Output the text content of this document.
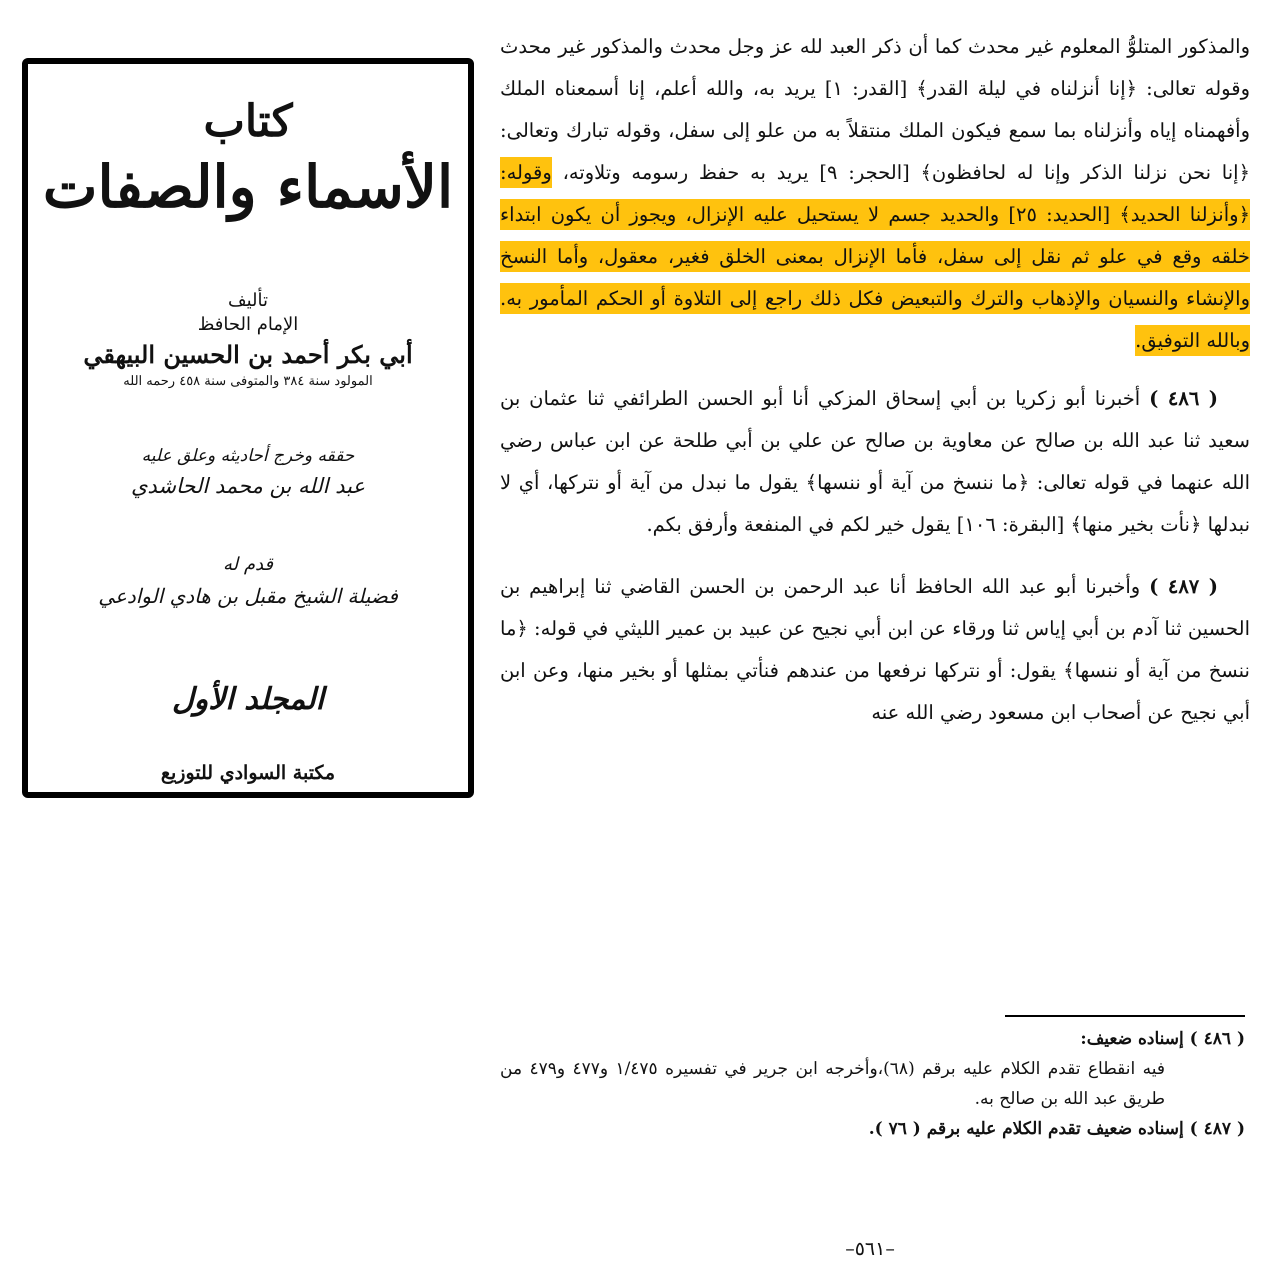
كتاب
الأسماء والصفات
تأليف
الإمام الحافظ
أبي بكر أحمد بن الحسين البيهقي
المولود سنة ٣٨٤ والمتوفى سنة ٤٥٨ رحمه الله
حققه وخرج أحاديثه وعلق عليه
عبد الله بن محمد الحاشدي
قدم له
فضيلة الشيخ مقبل بن هادي الوادعي
المجلد الأول
مكتبة السوادي للتوزيع

والمذكور المتلوُّ المعلوم غير محدث كما أن ذكر العبد لله عز وجل محدث والمذكور غير محدث وقوله تعالى: ﴿إنا أنزلناه في ليلة القدر﴾ [القدر: ١] يريد به، والله أعلم، إنا أسمعناه الملك وأفهمناه إياه وأنزلناه بما سمع فيكون الملك منتقلاً به من علو إلى سفل، وقوله تبارك وتعالى: ﴿إنا نحن نزلنا الذكر وإنا له لحافظون﴾ [الحجر: ٩] يريد به حفظ رسومه وتلاوته، وقوله: ﴿وأنزلنا الحديد﴾ [الحديد: ٢٥] والحديد جسم لا يستحيل عليه الإنزال، ويجوز أن يكون ابتداء خلقه وقع في علو ثم نقل إلى سفل، فأما الإنزال بمعنى الخلق فغير، معقول، وأما النسخ والإنشاء والنسيان والإذهاب والترك والتبعيض فكل ذلك راجع إلى التلاوة أو الحكم المأمور به. وبالله التوفيق.

( ٤٨٦ ) أخبرنا أبو زكريا بن أبي إسحاق المزكي أنا أبو الحسن الطرائفي ثنا عثمان بن سعيد ثنا عبد الله بن صالح عن معاوية بن صالح عن علي بن أبي طلحة عن ابن عباس رضي الله عنهما في قوله تعالى: ﴿ما ننسخ من آية أو ننسها﴾ يقول ما نبدل من آية أو نتركها، أي لا نبدلها ﴿نأت بخير منها﴾ [البقرة: ١٠٦] يقول خير لكم في المنفعة وأرفق بكم.

( ٤٨٧ ) وأخبرنا أبو عبد الله الحافظ أنا عبد الرحمن بن الحسن القاضي ثنا إبراهيم بن الحسين ثنا آدم بن أبي إياس ثنا ورقاء عن ابن أبي نجيح عن عبيد بن عمير الليثي في قوله: ﴿ما ننسخ من آية أو ننسها﴾ يقول: أو نتركها نرفعها من عندهم فنأتي بمثلها أو بخير منها، وعن ابن أبي نجيح عن أصحاب ابن مسعود رضي الله عنه

( ٤٨٦ ) إسناده ضعيف:

فيه انقطاع تقدم الكلام عليه برقم (٦٨)،وأخرجه ابن جرير في تفسيره ١/٤٧٥ و٤٧٧ و٤٧٩ من طريق عبد الله بن صالح به.

( ٤٨٧ ) إسناده ضعيف تقدم الكلام عليه برقم ( ٧٦ ).

–٥٦١–
